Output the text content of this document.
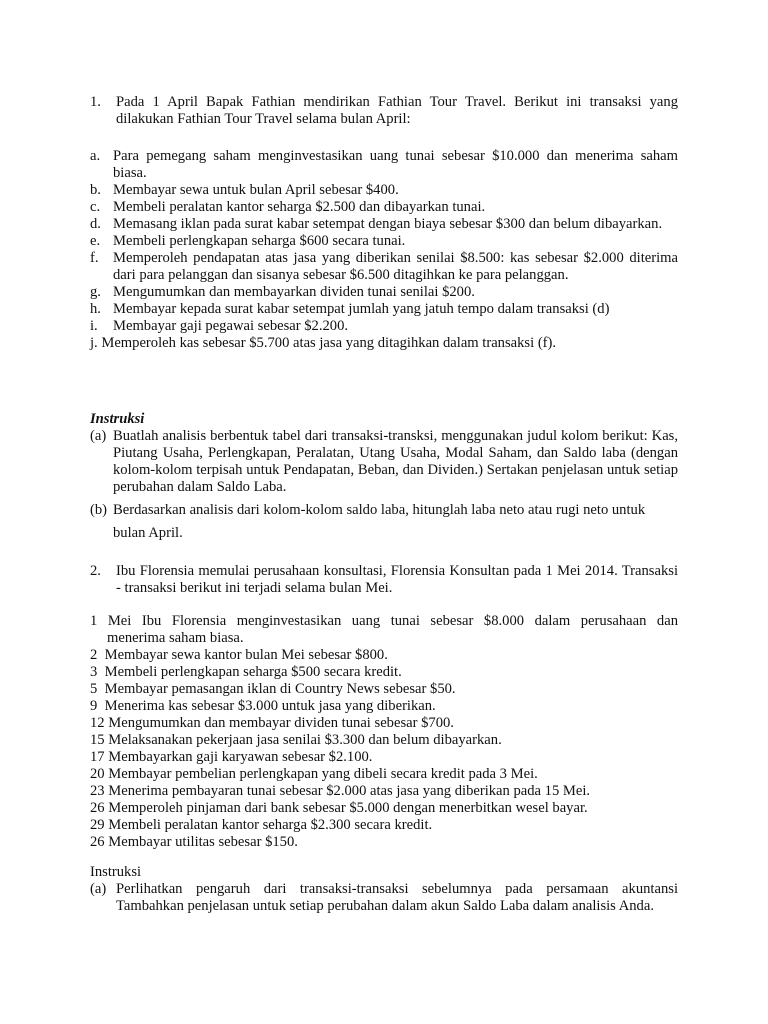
1.	Pada 1 April Bapak Fathian mendirikan Fathian Tour Travel. Berikut ini transaksi yang dilakukan Fathian Tour Travel selama bulan April:
a. Para pemegang saham menginvestasikan uang tunai sebesar $10.000 dan menerima saham biasa.
b. Membayar sewa untuk bulan April sebesar $400.
c. Membeli peralatan kantor seharga $2.500 dan dibayarkan tunai.
d. Memasang iklan pada surat kabar setempat dengan biaya sebesar $300 dan belum dibayarkan.
e. Membeli perlengkapan seharga $600 secara tunai.
f. Memperoleh pendapatan atas jasa yang diberikan senilai $8.500: kas sebesar $2.000 diterima dari para pelanggan dan sisanya sebesar $6.500 ditagihkan ke para pelanggan.
g. Mengumumkan dan membayarkan dividen tunai senilai $200.
h. Membayar kepada surat kabar setempat jumlah yang jatuh tempo dalam transaksi (d)
i.	Membayar gaji pegawai sebesar $2.200.
j. Memperoleh kas sebesar $5.700 atas jasa yang ditagihkan dalam transaksi (f).
Instruksi
(a) Buatlah analisis berbentuk tabel dari transaksi-transksi, menggunakan judul kolom berikut: Kas, Piutang Usaha, Perlengkapan, Peralatan, Utang Usaha, Modal Saham, dan Saldo laba (dengan kolom-kolom terpisah untuk Pendapatan, Beban, dan Dividen.) Sertakan penjelasan untuk setiap perubahan dalam Saldo Laba.
(b) Berdasarkan analisis dari kolom-kolom saldo laba, hitunglah laba neto atau rugi neto untuk bulan April.
2.	Ibu Florensia memulai perusahaan konsultasi, Florensia Konsultan pada 1 Mei 2014. Transaksi - transaksi berikut ini terjadi selama bulan Mei.
1 Mei Ibu Florensia menginvestasikan uang tunai sebesar $8.000 dalam perusahaan dan
menerima saham biasa.
2  Membayar sewa kantor bulan Mei sebesar $800.
3  Membeli perlengkapan seharga $500 secara kredit.
5  Membayar pemasangan iklan di Country News sebesar $50.
9  Menerima kas sebesar $3.000 untuk jasa yang diberikan.
12 Mengumumkan dan membayar dividen tunai sebesar $700.
15 Melaksanakan pekerjaan jasa senilai $3.300 dan belum dibayarkan.
17 Membayarkan gaji karyawan sebesar $2.100.
20 Membayar pembelian perlengkapan yang dibeli secara kredit pada 3 Mei.
23 Menerima pembayaran tunai sebesar $2.000 atas jasa yang diberikan pada 15 Mei.
26 Memperoleh pinjaman dari bank sebesar $5.000 dengan menerbitkan wesel bayar.
29 Membeli peralatan kantor seharga $2.300 secara kredit.
26 Membayar utilitas sebesar $150.
Instruksi
(a) Perlihatkan pengaruh dari transaksi-transaksi sebelumnya pada persamaan akuntansi Tambahkan penjelasan untuk setiap perubahan dalam akun Saldo Laba dalam analisis Anda.
